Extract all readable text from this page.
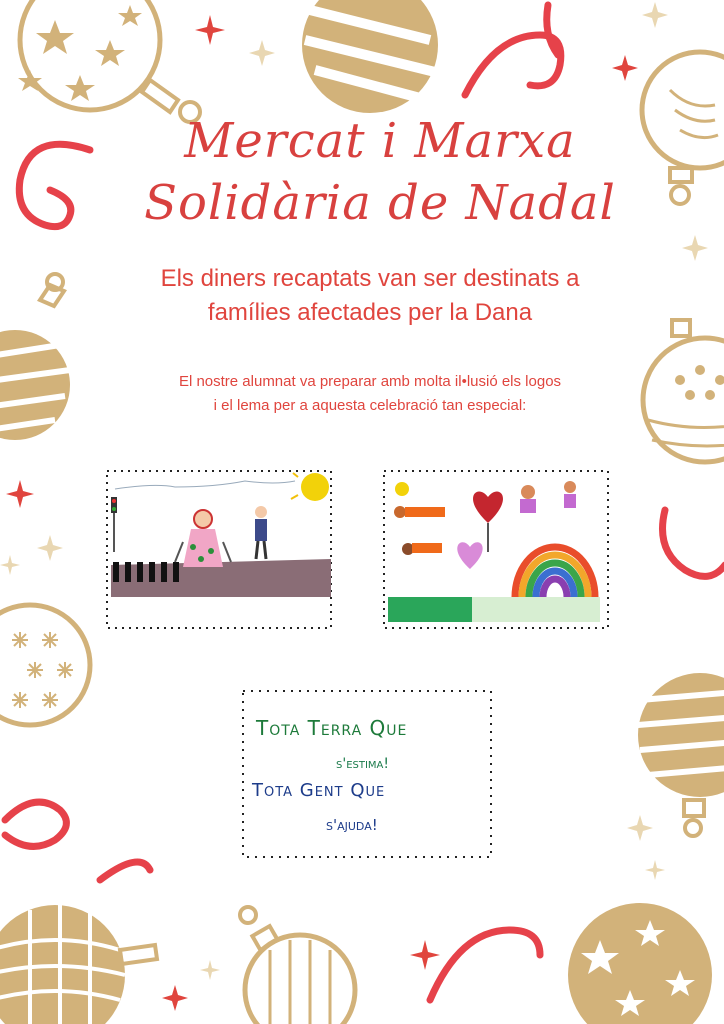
Mercat i Marxa Solidària de Nadal
Els diners recaptats van ser destinats a
famílies afectades per la Dana
El nostre alumnat va preparar amb molta il•lusió els logos
i el lema per a aquesta celebració tan especial:
Tota Terra Que
s'estima!
Tota Gent Que
s'ajuda!
